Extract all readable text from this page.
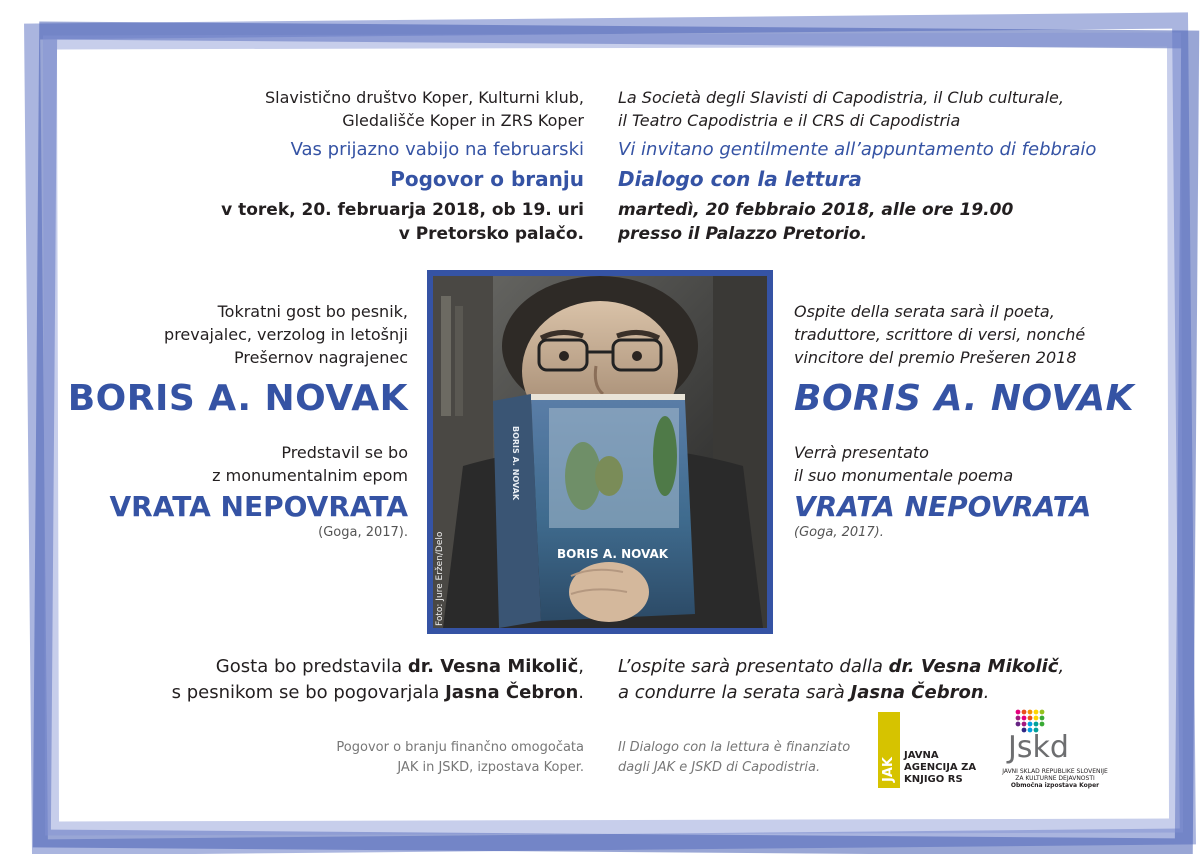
Slavistično društvo Koper, Kulturni klub,
Gledališče Koper in ZRS Koper
Vas prijazno vabijo na februarski
Pogovor o branju
v torek, 20. februarja 2018, ob 19. uri
v Pretorsko palačo.
Tokratni gost bo pesnik,
prevajalec, verzolog in letošnji
Prešernov nagrajenec
BORIS A. NOVAK
Predstavil se bo
z monumentalnim epom
VRATA NEPOVRATA
(Goga, 2017).
Gosta bo predstavila dr. Vesna Mikolič,
s pesnikom se bo pogovarjala Jasna Čebron.
Pogovor o branju finančno omogočata
JAK in JSKD, izpostava Koper.
La Società degli Slavisti di Capodistria, il Club culturale,
il Teatro Capodistria e il CRS di Capodistria
Vi invitano gentilmente all’appuntamento di febbraio
Dialogo con la lettura
martedì, 20 febbraio 2018, alle ore 19.00
presso il Palazzo Pretorio.
Ospite della serata sarà il poeta,
traduttore, scrittore di versi, nonché
vincitore del premio Prešeren 2018
BORIS A. NOVAK
Verrà presentato
il suo monumentale poema
VRATA NEPOVRATA
(Goga, 2017).
L’ospite sarà presentato dalla dr. Vesna Mikolič,
a condurre la serata sarà Jasna Čebron.
Il Dialogo con la lettura è finanziato
dagli JAK e JSKD di Capodistria.
BORIS A. NOVAK
BORIS A. NOVAK
Foto: Jure Eržen/Delo
JAK
JAVNA
AGENCIJA ZA
KNJIGO RS
Jskd
JAVNI SKLAD REPUBLIKE SLOVENIJE
ZA KULTURNE DEJAVNOSTI
Območna izpostava Koper
